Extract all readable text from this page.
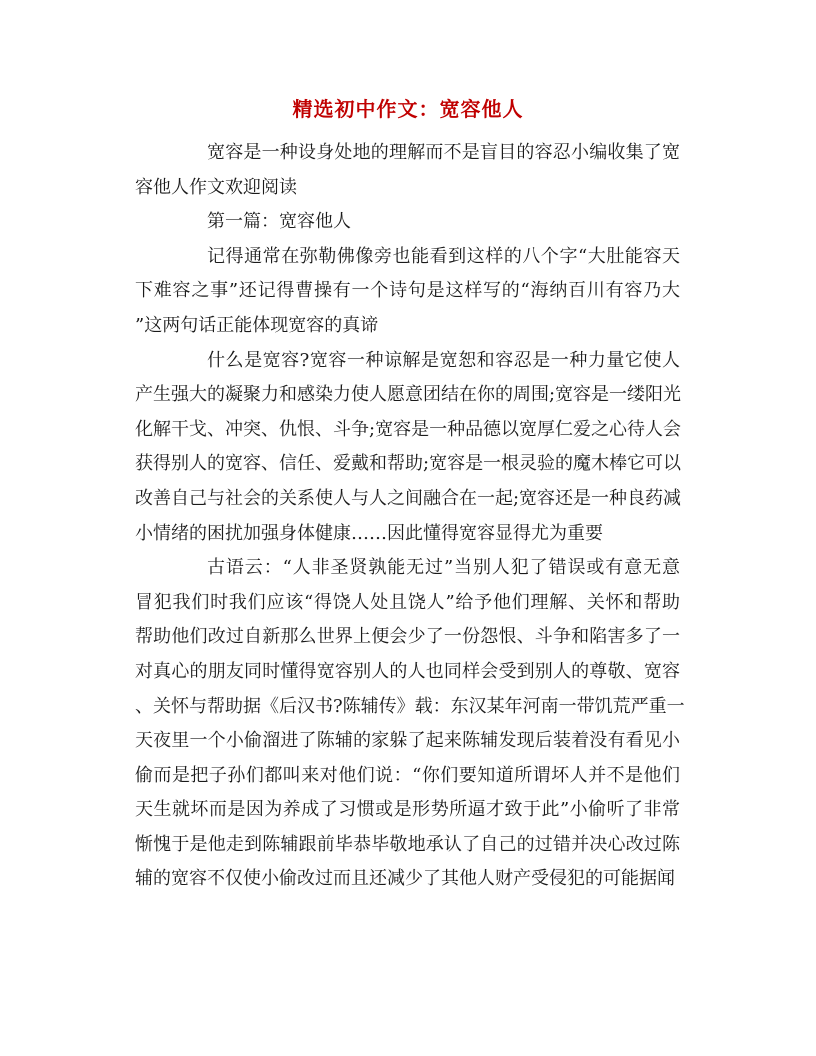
精选初中作文：宽容他人
宽容是一种设身处地的理解而不是盲目的容忍小编收集了宽
容他人作文欢迎阅读
第一篇：宽容他人
记得通常在弥勒佛像旁也能看到这样的八个字“大肚能容天
下难容之事”还记得曹操有一个诗句是这样写的“海纳百川有容乃大
”这两句话正能体现宽容的真谛
什么是宽容?宽容一种谅解是宽恕和容忍是一种力量它使人
产生强大的凝聚力和感染力使人愿意团结在你的周围;宽容是一缕阳光
化解干戈、冲突、仇恨、斗争;宽容是一种品德以宽厚仁爱之心待人会
获得别人的宽容、信任、爱戴和帮助;宽容是一根灵验的魔木棒它可以
改善自己与社会的关系使人与人之间融合在一起;宽容还是一种良药减
小情绪的困扰加强身体健康……因此懂得宽容显得尤为重要
古语云：“人非圣贤孰能无过”当别人犯了错误或有意无意
冒犯我们时我们应该“得饶人处且饶人”给予他们理解、关怀和帮助
帮助他们改过自新那么世界上便会少了一份怨恨、斗争和陷害多了一
对真心的朋友同时懂得宽容别人的人也同样会受到别人的尊敬、宽容
、关怀与帮助据《后汉书?陈辅传》载：东汉某年河南一带饥荒严重一
天夜里一个小偷溜进了陈辅的家躲了起来陈辅发现后装着没有看见小
偷而是把子孙们都叫来对他们说：“你们要知道所谓坏人并不是他们
天生就坏而是因为养成了习惯或是形势所逼才致于此”小偷听了非常
惭愧于是他走到陈辅跟前毕恭毕敬地承认了自己的过错并决心改过陈
辅的宽容不仅使小偷改过而且还减少了其他人财产受侵犯的可能据闻
